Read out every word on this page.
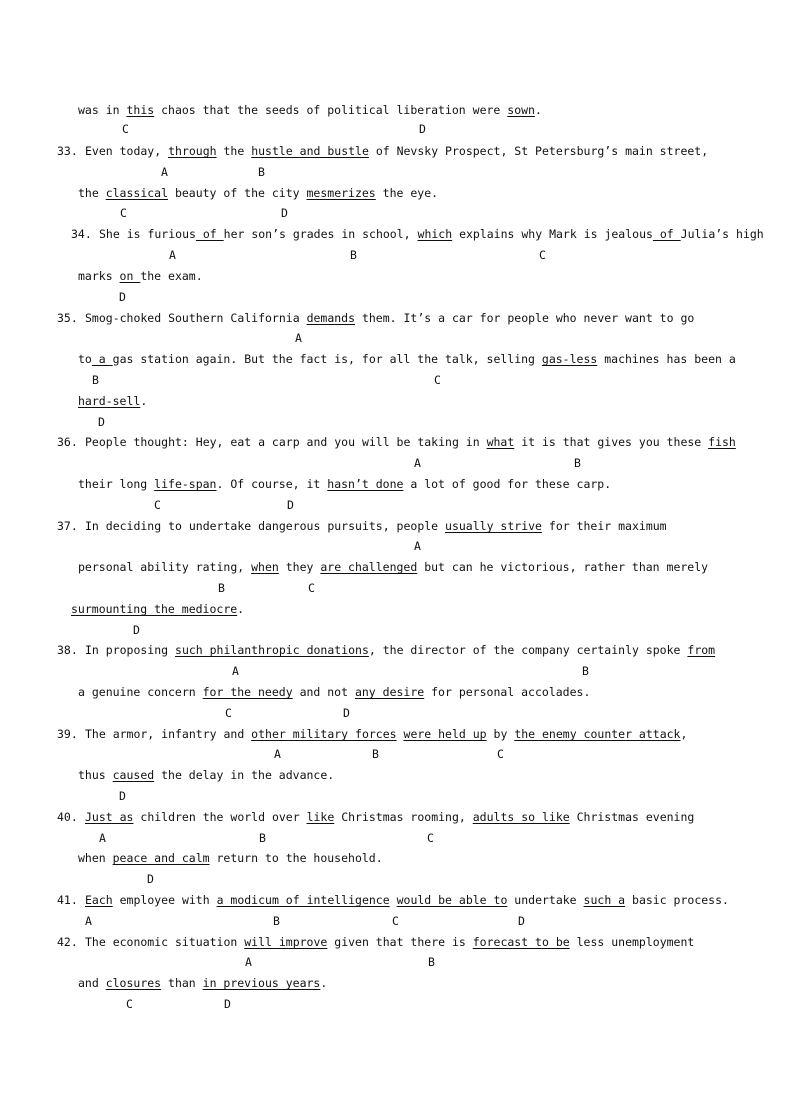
was in this chaos that the seeds of political liberation were sown.
C	D
33. Even today, through the hustle and bustle of Nevsky Prospect, St Petersburg’s main street,
the classical beauty of the city mesmerizes the eye.
A	B
C	D
34. She is furious of her son’s grades in school, which explains why Mark is jealous of Julia’s high
marks on the exam.
A	B	C
D
35. Smog-choked Southern California demands them. It’s a car for people who never want to go
to a gas station again. But the fact is, for all the talk, selling gas-less machines has been a
hard-sell.
A
B	C
D
36. People thought: Hey, eat a carp and you will be taking in what it is that gives you these fish
their long life-span. Of course, it hasn’t done a lot of good for these carp.
A	B
C	D
37. In deciding to undertake dangerous pursuits, people usually strive for their maximum
personal ability rating, when they are challenged but can he victorious, rather than merely
surmounting the mediocre.
A
B	C
D
38. In proposing such philanthropic donations, the director of the company certainly spoke from
a genuine concern for the needy and not any desire for personal accolades.
A	B
C	D
39. The armor, infantry and other military forces were held up by the enemy counter attack,
thus caused the delay in the advance.
A	B	C
D
40. Just as children the world over like Christmas rooming, adults so like Christmas evening
when peace and calm return to the household.
A	B	C
D
41. Each employee with a modicum of intelligence would be able to undertake such a basic process.
A	B	C	D
42. The economic situation will improve given that there is forecast to be less unemployment
and closures than in previous years.
A	B
C	D
